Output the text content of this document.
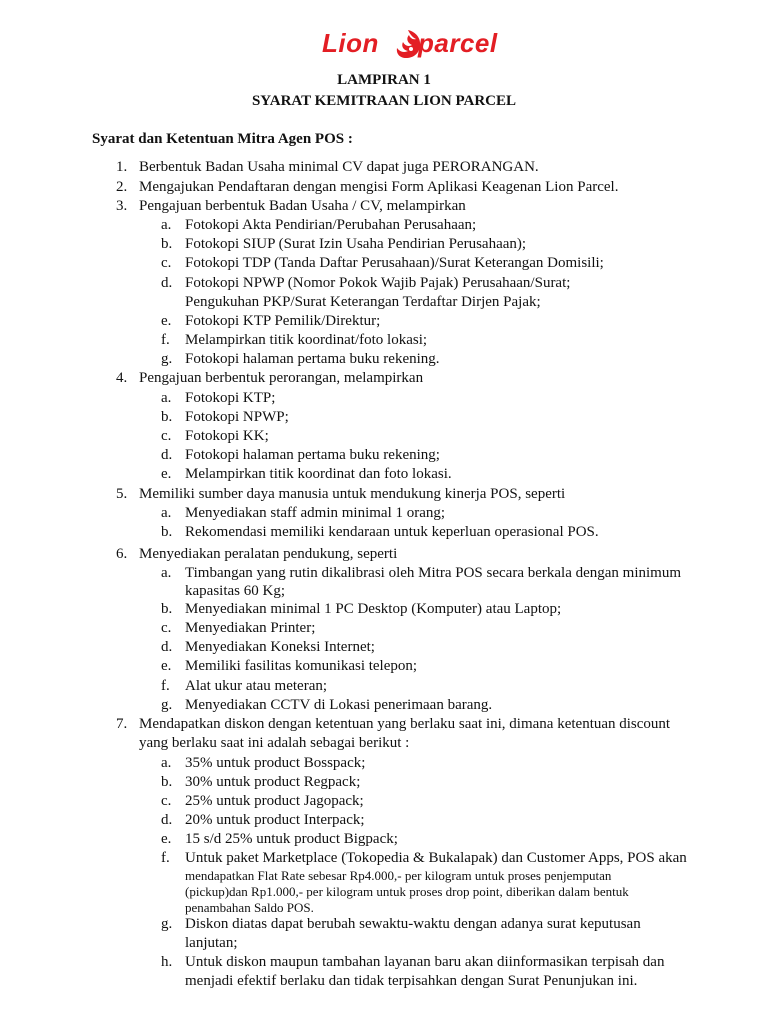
Lion parcel
LAMPIRAN 1
SYARAT KEMITRAAN LION PARCEL
Syarat dan Ketentuan Mitra Agen POS :
1. Berbentuk Badan Usaha minimal CV dapat juga PERORANGAN.
2. Mengajukan Pendaftaran dengan mengisi Form Aplikasi Keagenan Lion Parcel.
3. Pengajuan berbentuk Badan Usaha / CV, melampirkan
a. Fotokopi Akta Pendirian/Perubahan Perusahaan;
b. Fotokopi SIUP (Surat Izin Usaha Pendirian Perusahaan);
c. Fotokopi TDP (Tanda Daftar Perusahaan)/Surat Keterangan Domisili;
d. Fotokopi NPWP (Nomor Pokok Wajib Pajak) Perusahaan/Surat;
Pengukuhan PKP/Surat Keterangan Terdaftar Dirjen Pajak;
e. Fotokopi KTP Pemilik/Direktur;
f. Melampirkan titik koordinat/foto lokasi;
g. Fotokopi halaman pertama buku rekening.
4. Pengajuan berbentuk perorangan, melampirkan
a. Fotokopi KTP;
b. Fotokopi NPWP;
c. Fotokopi KK;
d. Fotokopi halaman pertama buku rekening;
e. Melampirkan titik koordinat dan foto lokasi.
5. Memiliki sumber daya manusia untuk mendukung kinerja POS, seperti
a. Menyediakan staff admin minimal 1 orang;
b. Rekomendasi memiliki kendaraan untuk keperluan operasional POS.
6. Menyediakan peralatan pendukung, seperti
a. Timbangan yang rutin dikalibrasi oleh Mitra POS secara berkala dengan minimum
kapasitas 60 Kg;
b. Menyediakan minimal 1 PC Desktop (Komputer) atau Laptop;
c. Menyediakan Printer;
d. Menyediakan Koneksi Internet;
e. Memiliki fasilitas komunikasi telepon;
f. Alat ukur atau meteran;
g. Menyediakan CCTV di Lokasi penerimaan barang.
7. Mendapatkan diskon dengan ketentuan yang berlaku saat ini, dimana ketentuan discount
yang berlaku saat ini adalah sebagai berikut :
a. 35% untuk product Bosspack;
b. 30% untuk product Regpack;
c. 25% untuk product Jagopack;
d. 20% untuk product Interpack;
e. 15 s/d 25% untuk product Bigpack;
f. Untuk paket Marketplace (Tokopedia & Bukalapak) dan Customer Apps, POS akan
mendapatkan Flat Rate sebesar Rp4.000,- per kilogram untuk proses penjemputan
(pickup)dan Rp1.000,- per kilogram untuk proses drop point, diberikan dalam bentuk
penambahan Saldo POS.
g. Diskon diatas dapat berubah sewaktu-waktu dengan adanya surat keputusan
lanjutan;
h. Untuk diskon maupun tambahan layanan baru akan diinformasikan terpisah dan
menjadi efektif berlaku dan tidak terpisahkan dengan Surat Penunjukan ini.
